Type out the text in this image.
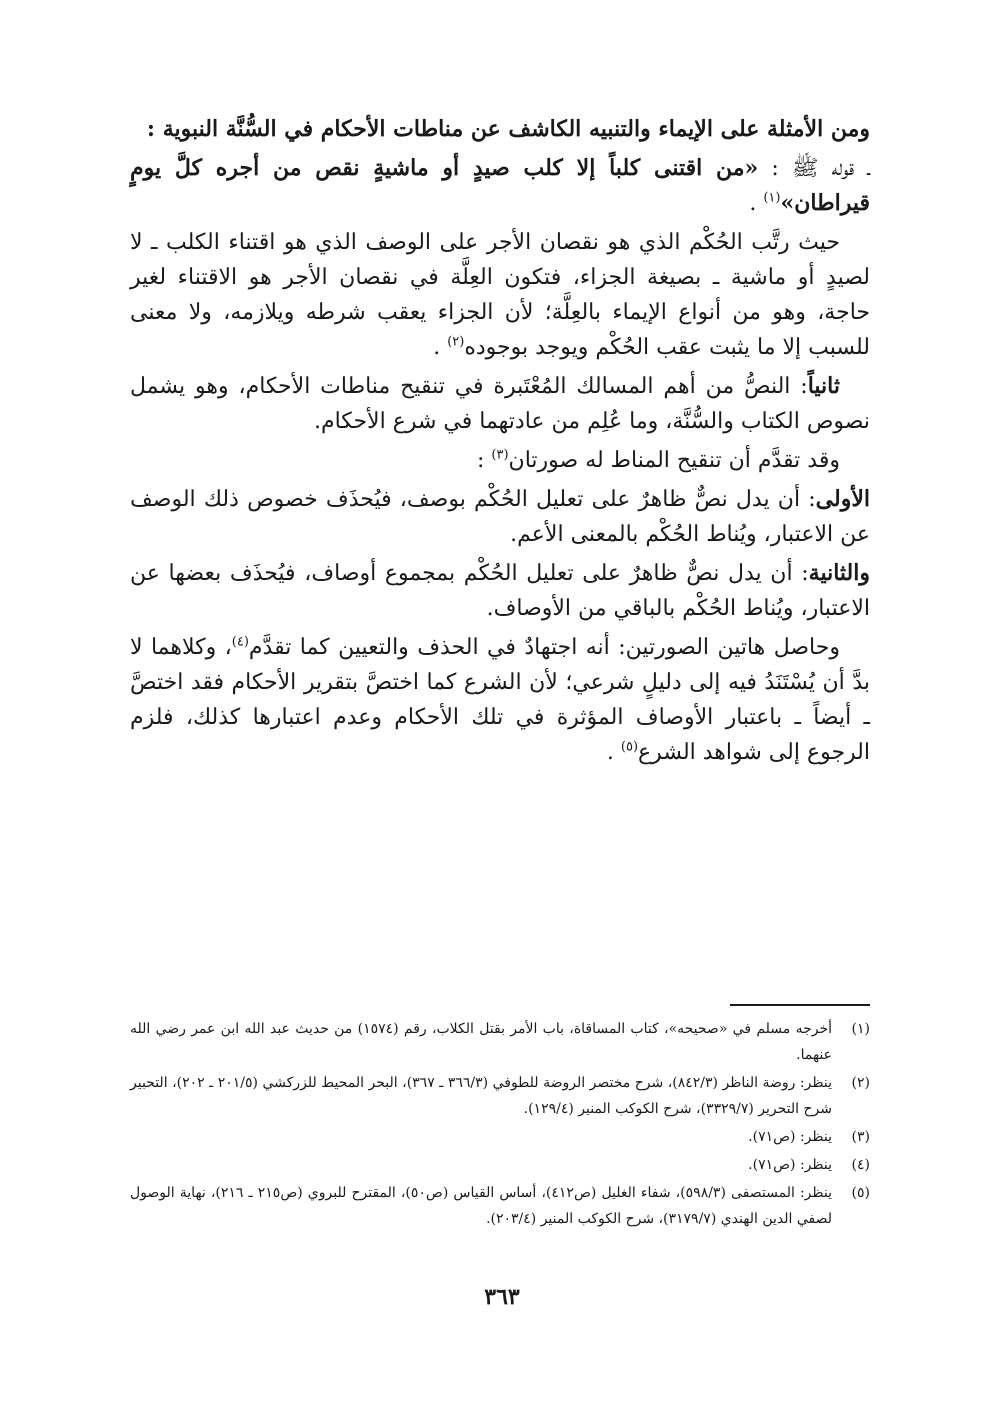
ومن الأمثلة على الإيماء والتنبيه الكاشف عن مناطات الأحكام في السُّنَّة النبوية :

ـ قوله ﷺ : «من اقتنى كلباً إلا كلب صيدٍ أو ماشيةٍ نقص من أجره كلَّ يومٍ قيراطان»$^{(١)}$ .

حيث رتَّب الحُكْم الذي هو نقصان الأجر على الوصف الذي هو اقتناء الكلب ـ لا لصيدٍ أو ماشية ـ بصيغة الجزاء، فتكون العِلَّة في نقصان الأجر هو الاقتناء لغير حاجة، وهو من أنواع الإيماء بالعِلَّة؛ لأن الجزاء يعقب شرطه ويلازمه، ولا معنى للسبب إلا ما يثبت عقب الحُكْم ويوجد بوجوده$^{(٢)}$ .

ثانياً: النصُّ من أهم المسالك المُعْتَبرة في تنقيح مناطات الأحكام، وهو يشمل نصوص الكتاب والسُّنَّة، وما عُلِم من عادتهما في شرع الأحكام.

وقد تقدَّم أن تنقيح المناط له صورتان$^{(٣)}$ :

الأولى: أن يدل نصٌّ ظاهرٌ على تعليل الحُكْم بوصف، فيُحذَف خصوص ذلك الوصف عن الاعتبار، ويُناط الحُكْم بالمعنى الأعم.

والثانية: أن يدل نصٌّ ظاهرٌ على تعليل الحُكْم بمجموع أوصاف، فيُحذَف بعضها عن الاعتبار، ويُناط الحُكْم بالباقي من الأوصاف.

وحاصل هاتين الصورتين: أنه اجتهادٌ في الحذف والتعيين كما تقدَّم$^{(٤)}$، وكلاهما لا بدَّ أن يُسْتَنَدُ فيه إلى دليلٍ شرعي؛ لأن الشرع كما اختصَّ بتقرير الأحكام فقد اختصَّ ـ أيضاً ـ باعتبار الأوصاف المؤثرة في تلك الأحكام وعدم اعتبارها كذلك، فلزم الرجوع إلى شواهد الشرع$^{(٥)}$ .

(١)
أخرجه مسلم في «صحيحه»، كتاب المساقاة، باب الأمر بقتل الكلاب، رقم (١٥٧٤) من حديث عبد الله ابن عمر رضي الله عنهما.
(٢)
ينظر: روضة الناظر (٨٤٢/٣)، شرح مختصر الروضة للطوفي (٣٦٦/٣ ـ ٣٦٧)، البحر المحيط للزركشي (٢٠١/٥ ـ ٢٠٢)، التحبير شرح التحرير (٣٣٢٩/٧)، شرح الكوكب المنير (١٢٩/٤).
(٣)
ينظر: (ص٧١).
(٤)
ينظر: (ص٧١).
(٥)
ينظر: المستصفى (٥٩٨/٣)، شفاء الغليل (ص٤١٢)، أساس القياس (ص٥٠)، المقترح للبروي (ص٢١٥ ـ ٢١٦)، نهاية الوصول لصفي الدين الهندي (٣١٧٩/٧)، شرح الكوكب المنير (٢٠٣/٤).
٣٦٣
